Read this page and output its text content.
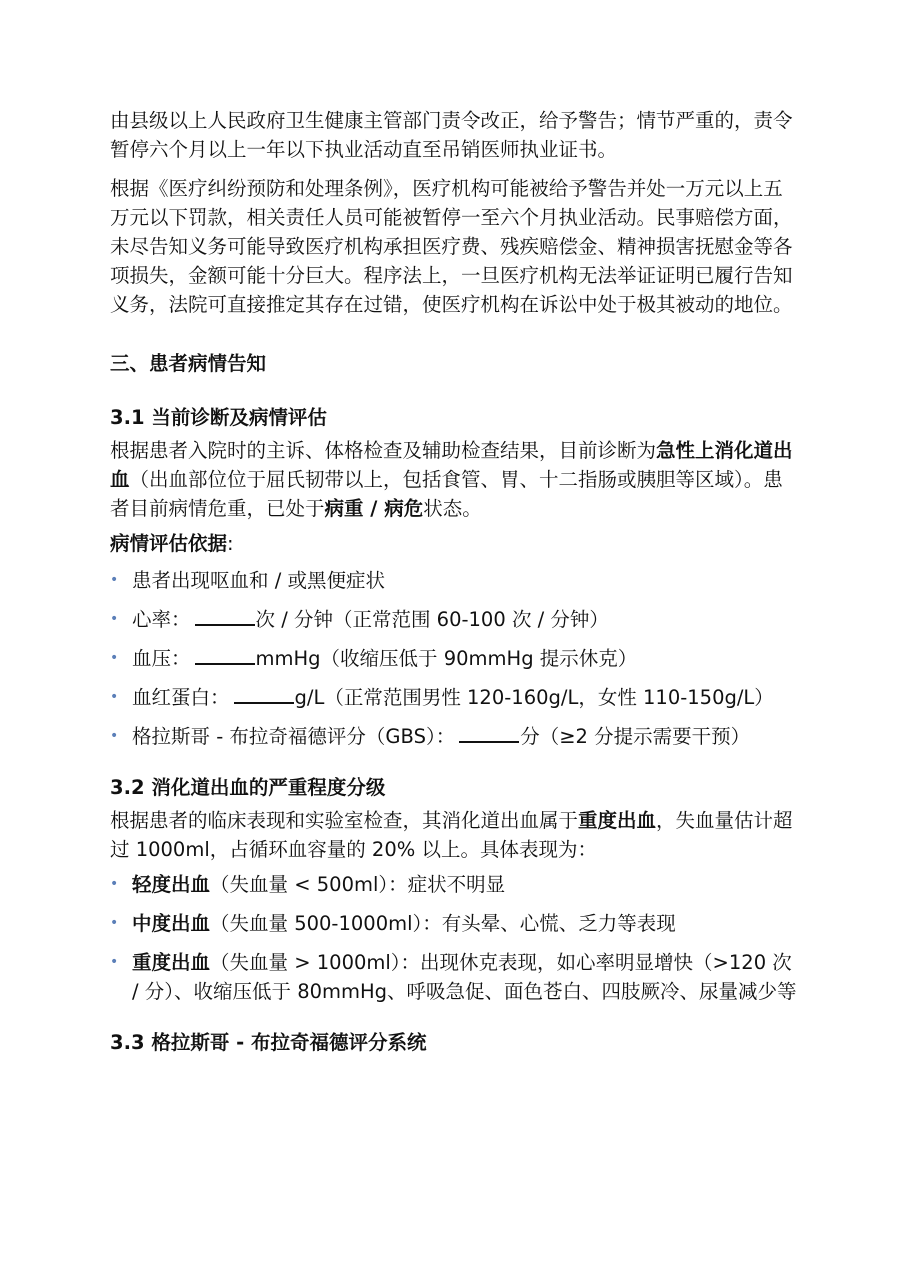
由县级以上人民政府卫生健康主管部门责令改正，给予警告；情节严重的，责令暂停六个月以上一年以下执业活动直至吊销医师执业证书。

根据《医疗纠纷预防和处理条例》，医疗机构可能被给予警告并处一万元以上五万元以下罚款，相关责任人员可能被暂停一至六个月执业活动。民事赔偿方面，未尽告知义务可能导致医疗机构承担医疗费、残疾赔偿金、精神损害抚慰金等各项损失，金额可能十分巨大。程序法上，一旦医疗机构无法举证证明已履行告知义务，法院可直接推定其存在过错，使医疗机构在诉讼中处于极其被动的地位。

三、患者病情告知
3.1 当前诊断及病情评估

根据患者入院时的主诉、体格检查及辅助检查结果，目前诊断为急性上消化道出血（出血部位位于屈氏韧带以上，包括食管、胃、十二指肠或胰胆等区域）。患者目前病情危重，已处于病重 / 病危状态。

病情评估依据:

• 患者出现呕血和 / 或黑便症状
• 心率：	次 / 分钟（正常范围 60-100 次 / 分钟）
• 血压：	mmHg（收缩压低于 90mmHg 提示休克）
• 血红蛋白：	g/L（正常范围男性 120-160g/L，女性 110-150g/L）
• 格拉斯哥 - 布拉奇福德评分（GBS）：	分（≥2 分提示需要干预）
3.2 消化道出血的严重程度分级

根据患者的临床表现和实验室检查，其消化道出血属于重度出血，失血量估计超过 1000ml，占循环血容量的 20% 以上。具体表现为：

• 轻度出血（失血量 < 500ml）：症状不明显
• 中度出血（失血量 500-1000ml）：有头晕、心慌、乏力等表现
• 重度出血（失血量 > 1000ml）：出现休克表现，如心率明显增快（>120 次 / 分）、收缩压低于 80mmHg、呼吸急促、面色苍白、四肢厥冷、尿量减少等
3.3 格拉斯哥 - 布拉奇福德评分系统
